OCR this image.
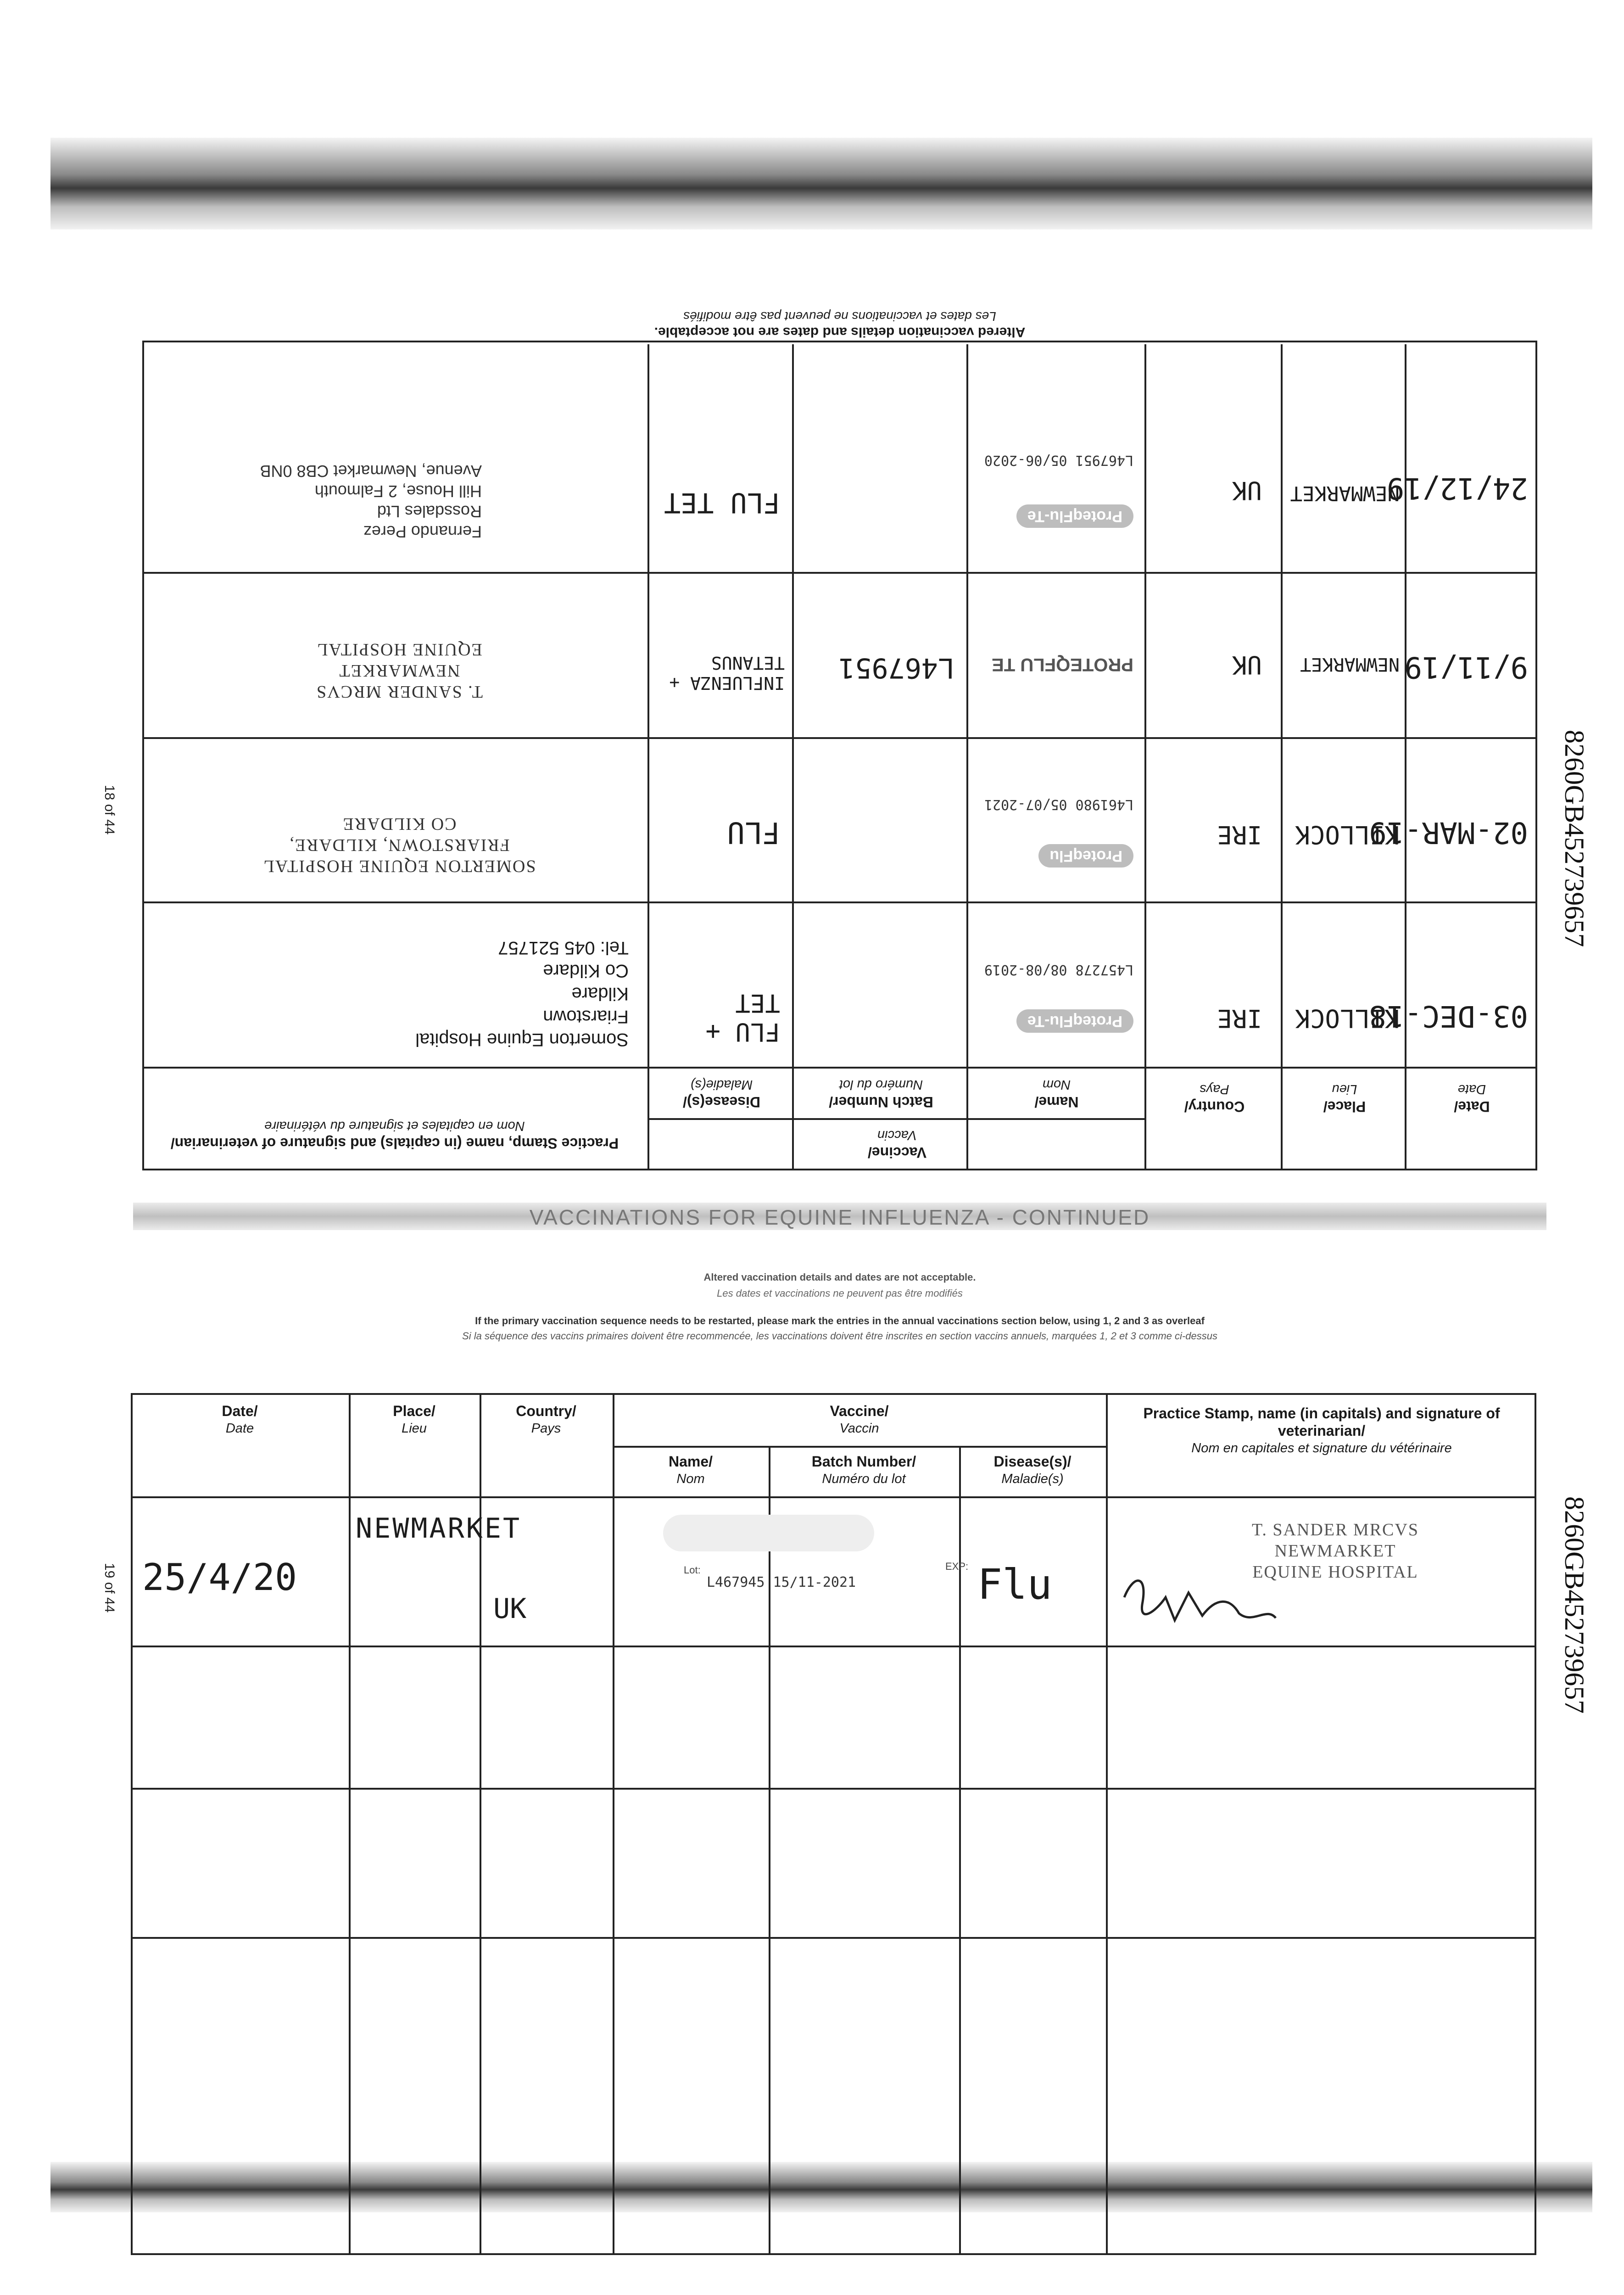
8260GB452739657
8260GB452739657
18 of 44
19 of 44
Date/
Date
Place/
Lieu
Country/
Pays
Vaccine/
Vaccin
Name/
Nom
Batch Number/
Numéro du lot
Disease(s)/
Maladie(s)
Practice Stamp, name (in capitals) and signature of veterinarian/
Nom en capitales et signature du vétérinaire
03-DEC-18
KILLOCK
IRE
ProteqFlu-Te
L457278 08/08-2019
FLU + TET
Somerton Equine Hospital
Friarstown
Kildare
Co Kildare
Tel: 045 521757
02-MAR-19
KILLOCK
IRE
ProteqFlu
L461980 05/07-2021
FLU
SOMERTON EQUINE HOSPITAL
FRIARSTOWN, KILDARE,
CO KILDARE
9/11/19
NEWMARKET
UK
PROTEQFLU TE
L467951
INFLUENZA + TETANUS
T. SANDER MRCVS
NEWMARKET
EQUINE HOSPITAL
24/12/19
NEWMARKET
UK
ProteqFlu-Te
L467951 05/06-2020
FLU TET
Fernando Perez
Rossdales Ltd
Hill House, 2 Falmouth
Avenue, Newmarket CB8 0NB
Altered vaccination details and dates are not acceptable.
Les dates et vaccinations ne peuvent pas être modifiés
VACCINATIONS FOR EQUINE INFLUENZA - CONTINUED
Altered vaccination details and dates are not acceptable.
Les dates et vaccinations ne peuvent pas être modifiés
If the primary vaccination sequence needs to be restarted, please mark the entries in the annual vaccinations section below, using 1, 2 and 3 as overleaf
Si la séquence des vaccins primaires doivent être recommencée, les vaccinations doivent être inscrites en section vaccins annuels, marquées 1, 2 et 3 comme ci-dessus
Date/
Date
Place/
Lieu
Country/
Pays
Vaccine/
Vaccin
Name/
Nom
Batch Number/
Numéro du lot
Disease(s)/
Maladie(s)
Practice Stamp, name (in capitals) and signature of veterinarian/
Nom en capitales et signature du vétérinaire
25/4/20
NEWMARKET
UK
Lot:	EXP:
L467945 15/11-2021	Flu
T. SANDER MRCVS
NEWMARKET
EQUINE HOSPITAL
